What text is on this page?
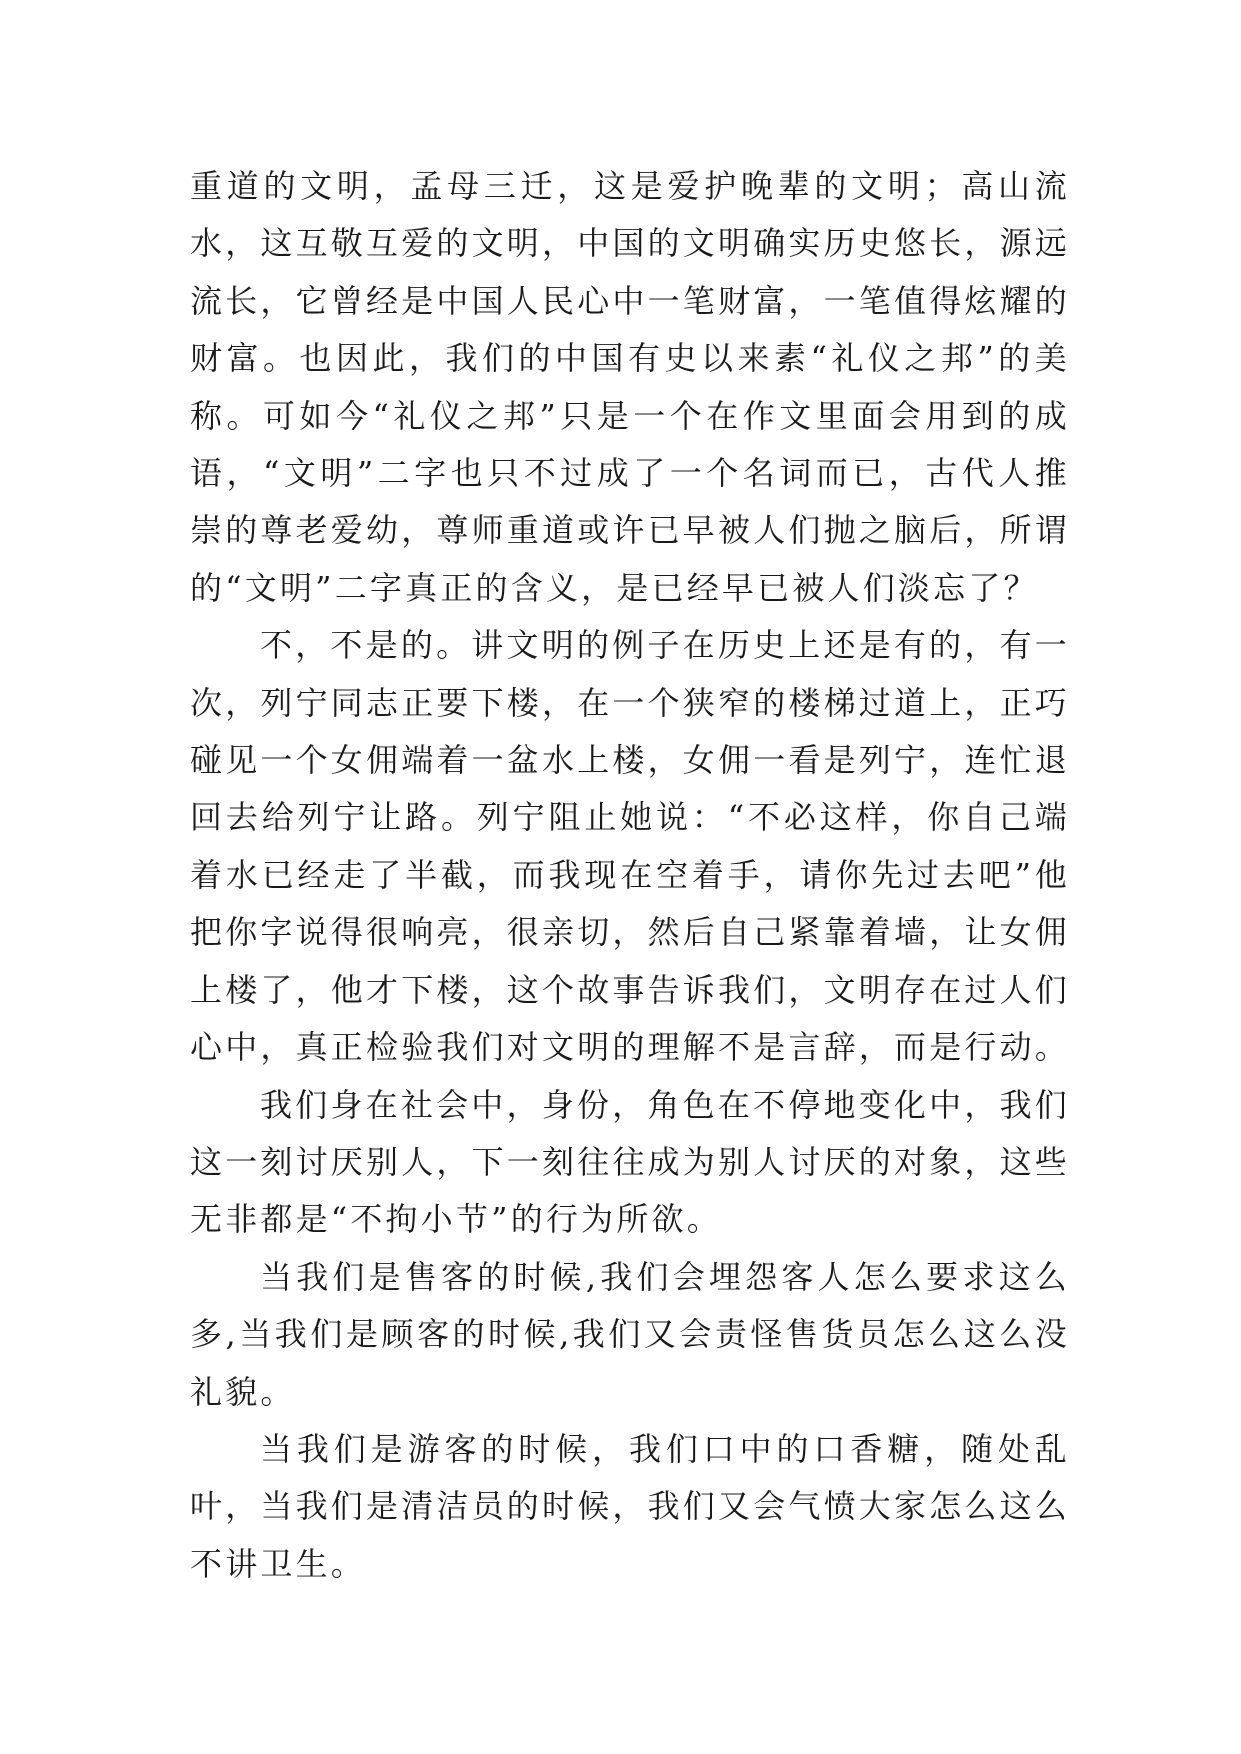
重道的文明，孟母三迁，这是爱护晚辈的文明；高山流水，这互敬互爱的文明，中国的文明确实历史悠长，源远流长，它曾经是中国人民心中一笔财富，一笔值得炫耀的财富。也因此，我们的中国有史以来素“礼仪之邦”的美称。可如今“礼仪之邦”只是一个在作文里面会用到的成语，“文明”二字也只不过成了一个名词而已，古代人推崇的尊老爱幼，尊师重道或许已早被人们抛之脑后，所谓的“文明”二字真正的含义，是已经早已被人们淡忘了？

不，不是的。讲文明的例子在历史上还是有的，有一次，列宁同志正要下楼，在一个狭窄的楼梯过道上，正巧碰见一个女佣端着一盆水上楼，女佣一看是列宁，连忙退回去给列宁让路。列宁阻止她说：“不必这样，你自己端着水已经走了半截，而我现在空着手，请你先过去吧”他把你字说得很响亮，很亲切，然后自己紧靠着墙，让女佣上楼了，他才下楼，这个故事告诉我们，文明存在过人们心中，真正检验我们对文明的理解不是言辞，而是行动。

我们身在社会中，身份，角色在不停地变化中，我们这一刻讨厌别人，下一刻往往成为别人讨厌的对象，这些无非都是“不拘小节”的行为所欲。

当我们是售客的时候,我们会埋怨客人怎么要求这么多,当我们是顾客的时候,我们又会责怪售货员怎么这么没礼貌。

当我们是游客的时候，我们口中的口香糖，随处乱叶，当我们是清洁员的时候，我们又会气愤大家怎么这么不讲卫生。
